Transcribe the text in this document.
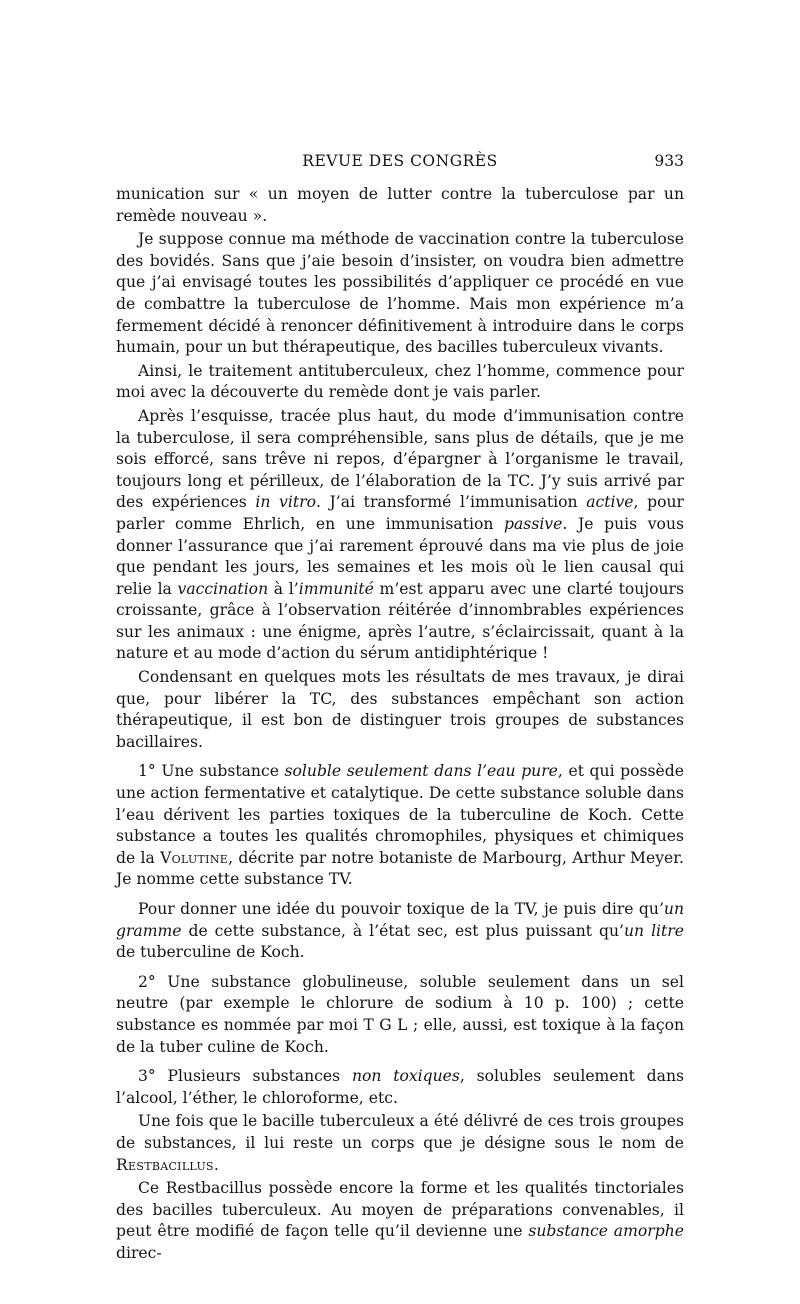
REVUE DES CONGRÈS	933

munication sur « un moyen de lutter contre la tuberculose par un remède nouveau ».

Je suppose connue ma méthode de vaccination contre la tuberculose des bovidés. Sans que j’aie besoin d’insister, on voudra bien admettre que j’ai envisagé toutes les possibilités d’appliquer ce procédé en vue de combattre la tuberculose de l’homme. Mais mon expérience m’a fermement décidé à renoncer définitivement à introduire dans le corps humain, pour un but thérapeutique, des bacilles tuberculeux vivants.

Ainsi, le traitement antituberculeux, chez l’homme, commence pour moi avec la découverte du remède dont je vais parler.

Après l’esquisse, tracée plus haut, du mode d’immunisation contre la tuberculose, il sera compréhensible, sans plus de détails, que je me sois efforcé, sans trêve ni repos, d’épargner à l’organisme le travail, toujours long et périlleux, de l’élaboration de la TC. J’y suis arrivé par des expériences in vitro. J’ai transformé l’immunisation active, pour parler comme Ehrlich, en une immunisation passive. Je puis vous donner l’assurance que j’ai rarement éprouvé dans ma vie plus de joie que pendant les jours, les semaines et les mois où le lien causal qui relie la vaccination à l’immunité m’est apparu avec une clarté toujours croissante, grâce à l’observation réitérée d’innombrables expériences sur les animaux : une énigme, après l’autre, s’éclaircissait, quant à la nature et au mode d’action du sérum antidiphtérique !

Condensant en quelques mots les résultats de mes travaux, je dirai que, pour libérer la TC, des substances empêchant son action thérapeutique, il est bon de distinguer trois groupes de substances bacillaires.

1° Une substance soluble seulement dans l’eau pure, et qui possède une action fermentative et catalytique. De cette substance soluble dans l’eau dérivent les parties toxiques de la tuberculine de Koch. Cette substance a toutes les qualités chromophiles, physiques et chimiques de la Volutine, décrite par notre botaniste de Marbourg, Arthur Meyer. Je nomme cette substance TV.

Pour donner une idée du pouvoir toxique de la TV, je puis dire qu’un gramme de cette substance, à l’état sec, est plus puissant qu’un litre de tuberculine de Koch.

2° Une substance globulineuse, soluble seulement dans un sel neutre (par exemple le chlorure de sodium à 10 p. 100) ; cette substance es nommée par moi T G L ; elle, aussi, est toxique à la façon de la tuber culine de Koch.

3° Plusieurs substances non toxiques, solubles seulement dans l’alcool, l’éther, le chloroforme, etc.

Une fois que le bacille tuberculeux a été délivré de ces trois groupes de substances, il lui reste un corps que je désigne sous le nom de Restbacillus.

Ce Restbacillus possède encore la forme et les qualités tinctoriales des bacilles tuberculeux. Au moyen de préparations convenables, il peut être modifié de façon telle qu’il devienne une substance amorphe direc-
